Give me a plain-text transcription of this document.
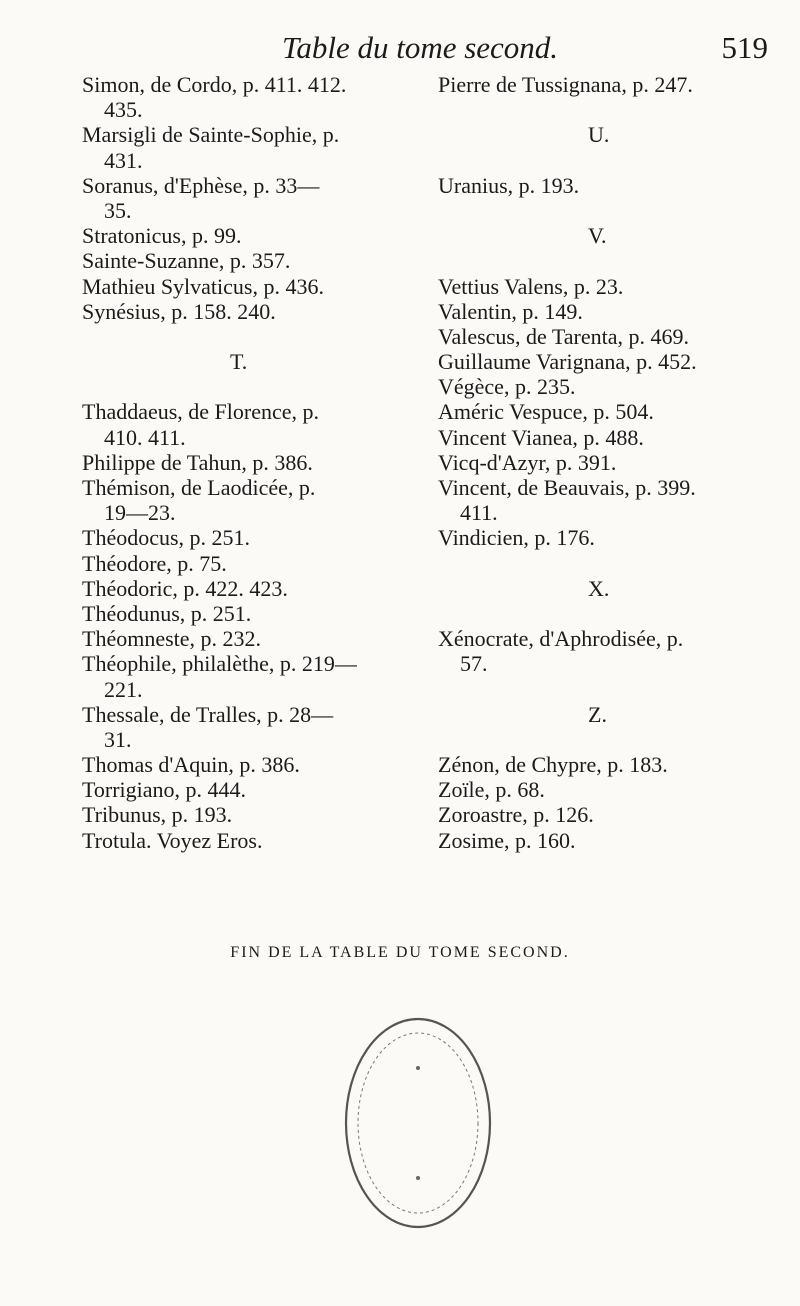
Table du tome second.	519
Simon, de Cordo, p. 411. 412.
435.
Marsigli de Sainte-Sophie, p.
431.
Soranus, d'Ephèse, p. 33—
35.
Stratonicus, p. 99.
Sainte-Suzanne, p. 357.
Mathieu Sylvaticus, p. 436.
Synésius, p. 158. 240.
T.
Thaddaeus, de Florence, p.
410. 411.
Philippe de Tahun, p. 386.
Thémison, de Laodicée, p.
19—23.
Théodocus, p. 251.
Théodore, p. 75.
Théodoric, p. 422. 423.
Théodunus, p. 251.
Théomneste, p. 232.
Théophile, philalèthe, p. 219—
221.
Thessale, de Tralles, p. 28—
31.
Thomas d'Aquin, p. 386.
Torrigiano, p. 444.
Tribunus, p. 193.
Trotula. Voyez Eros.
Pierre de Tussignana, p. 247.
U.
Uranius, p. 193.
V.
Vettius Valens, p. 23.
Valentin, p. 149.
Valescus, de Tarenta, p. 469.
Guillaume Varignana, p. 452.
Végèce, p. 235.
Améric Vespuce, p. 504.
Vincent Vianea, p. 488.
Vicq-d'Azyr, p. 391.
Vincent, de Beauvais, p. 399.
411.
Vindicien, p. 176.
X.
Xénocrate, d'Aphrodisée, p.
57.
Z.
Zénon, de Chypre, p. 183.
Zoïle, p. 68.
Zoroastre, p. 126.
Zosime, p. 160.
FIN DE LA TABLE DU TOME SECOND.
